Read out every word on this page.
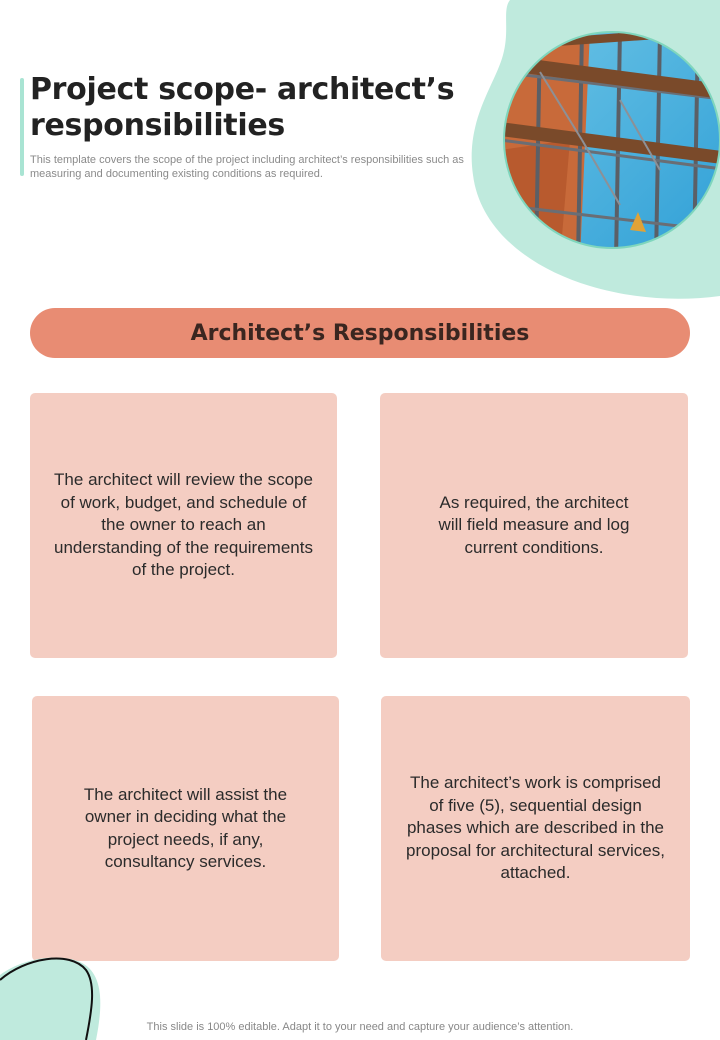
Project scope- architect’s responsibilities

This template covers the scope of the project including architect’s responsibilities such as measuring and documenting existing conditions as required.

Architect’s Responsibilities
The architect will review the scope of work, budget, and schedule of the owner to reach an understanding of the requirements of the project.
As required, the architect will field measure and log current conditions.
The architect will assist the owner in deciding what the project needs, if any, consultancy services.
The architect’s work is comprised of five (5), sequential design phases which are described in the proposal for architectural services, attached.
This slide is 100% editable. Adapt it to your need and capture your audience’s attention.
